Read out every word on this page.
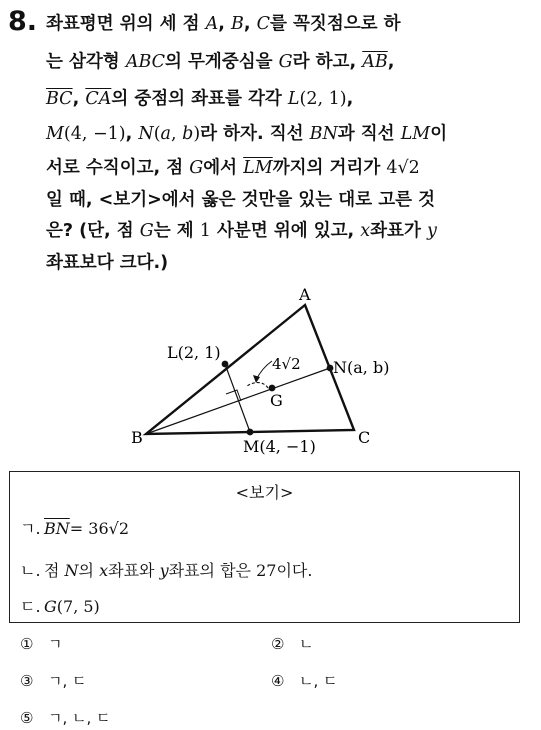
8. 좌표평면 위의 세 점 A, B, C를 꼭짓점으로 하
는 삼각형 ABC의 무게중심을 G라 하고, $\overline{AB}$,
$\overline{BC}$, $\overline{CA}$의 중점의 좌표를 각각 L(2, 1),
M(4, −1), N(a, b)라 하자. 직선 BN과 직선 LM이
서로 수직이고, 점 G에서 $\overline{LM}$까지의 거리가 4√2
일 때, <보기>에서 옳은 것만을 있는 대로 고른 것
은? (단, 점 G는 제 1 사분면 위에 있고, x좌표가 y
좌표보다 크다.)
A
B	C
G
L(2, 1)
M(4, −1)
N(a, b)
4√2
<보기>
ㄱ. $\overline{BN}= 36√2$
ㄴ. 점 N의 x좌표와 y좌표의 합은 27이다.
ㄷ. G(7, 5)
① ㄱ	② ㄴ
③ ㄱ, ㄷ	④ ㄴ, ㄷ
⑤ ㄱ, ㄴ, ㄷ
